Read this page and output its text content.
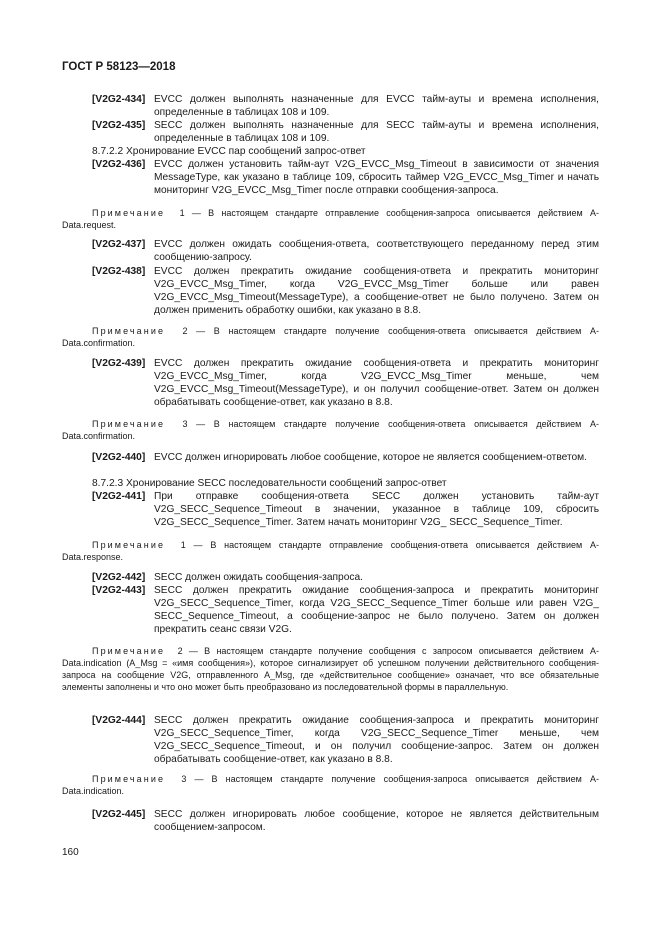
ГОСТ Р 58123—2018
[V2G2-434] EVCC должен выполнять назначенные для EVCC тайм-ауты и времена исполнения, определенные в таблицах 108 и 109.
[V2G2-435] SECC должен выполнять назначенные для SECC тайм-ауты и времена исполнения, определенные в таблицах 108 и 109.
8.7.2.2 Хронирование EVCC пар сообщений запрос-ответ
[V2G2-436] EVCC должен установить тайм-аут V2G_EVCC_Msg_Timeout в зависимости от значения MessageType, как указано в таблице 109, сбросить таймер V2G_EVCC_Msg_Timer и начать мониторинг V2G_EVCC_Msg_Timer после отправки сообщения-запроса.
Примечание 1 — В настоящем стандарте отправление сообщения-запроса описывается действием A-Data.request.
[V2G2-437] EVCC должен ожидать сообщения-ответа, соответствующего переданному перед этим сообщению-запросу.
[V2G2-438] EVCC должен прекратить ожидание сообщения-ответа и прекратить мониторинг V2G_EVCC_Msg_Timer, когда V2G_EVCC_Msg_Timer больше или равен V2G_EVCC_Msg_Timeout(MessageType), а сообщение-ответ не было получено. Затем он должен применить обработку ошибки, как указано в 8.8.
Примечание 2 — В настоящем стандарте получение сообщения-ответа описывается действием A-Data.confirmation.
[V2G2-439] EVCC должен прекратить ожидание сообщения-ответа и прекратить мониторинг V2G_EVCC_Msg_Timer, когда V2G_EVCC_Msg_Timer меньше, чем V2G_EVCC_Msg_Timeout(MessageType), и он получил сообщение-ответ. Затем он должен обрабатывать сообщение-ответ, как указано в 8.8.
Примечание 3 — В настоящем стандарте получение сообщения-ответа описывается действием A-Data.confirmation.
[V2G2-440] EVCC должен игнорировать любое сообщение, которое не является сообщением-ответом.
8.7.2.3 Хронирование SECC последовательности сообщений запрос-ответ
[V2G2-441] При отправке сообщения-ответа SECC должен установить тайм-аут V2G_SECC_Sequence_Timeout в значении, указанное в таблице 109, сбросить V2G_SECC_Sequence_Timer. Затем начать мониторинг V2G_ SECC_Sequence_Timer.
Примечание 1 — В настоящем стандарте отправление сообщения-ответа описывается действием A-Data.response.
[V2G2-442] SECC должен ожидать сообщения-запроса.
[V2G2-443] SECC должен прекратить ожидание сообщения-запроса и прекратить мониторинг V2G_SECC_Sequence_Timer, когда V2G_SECC_Sequence_Timer больше или равен V2G_ SECC_Sequence_Timeout, а сообщение-запрос не было получено. Затем он должен прекратить сеанс связи V2G.
Примечание 2 — В настоящем стандарте получение сообщения с запросом описывается действием A-Data.indication (A_Msg = «имя сообщения»), которое сигнализирует об успешном получении действительного сообщения-запроса на сообщение V2G, отправленного A_Msg, где «действительное сообщение» означает, что все обязательные элементы заполнены и что оно может быть преобразовано из последовательной формы в параллельную.
[V2G2-444] SECC должен прекратить ожидание сообщения-запроса и прекратить мониторинг V2G_SECC_Sequence_Timer, когда V2G_SECC_Sequence_Timer меньше, чем V2G_SECC_Sequence_Timeout, и он получил сообщение-запрос. Затем он должен обрабатывать сообщение-ответ, как указано в 8.8.
Примечание 3 — В настоящем стандарте получение сообщения-запроса описывается действием A-Data.indication.
[V2G2-445] SECC должен игнорировать любое сообщение, которое не является действительным сообщением-запросом.
160
